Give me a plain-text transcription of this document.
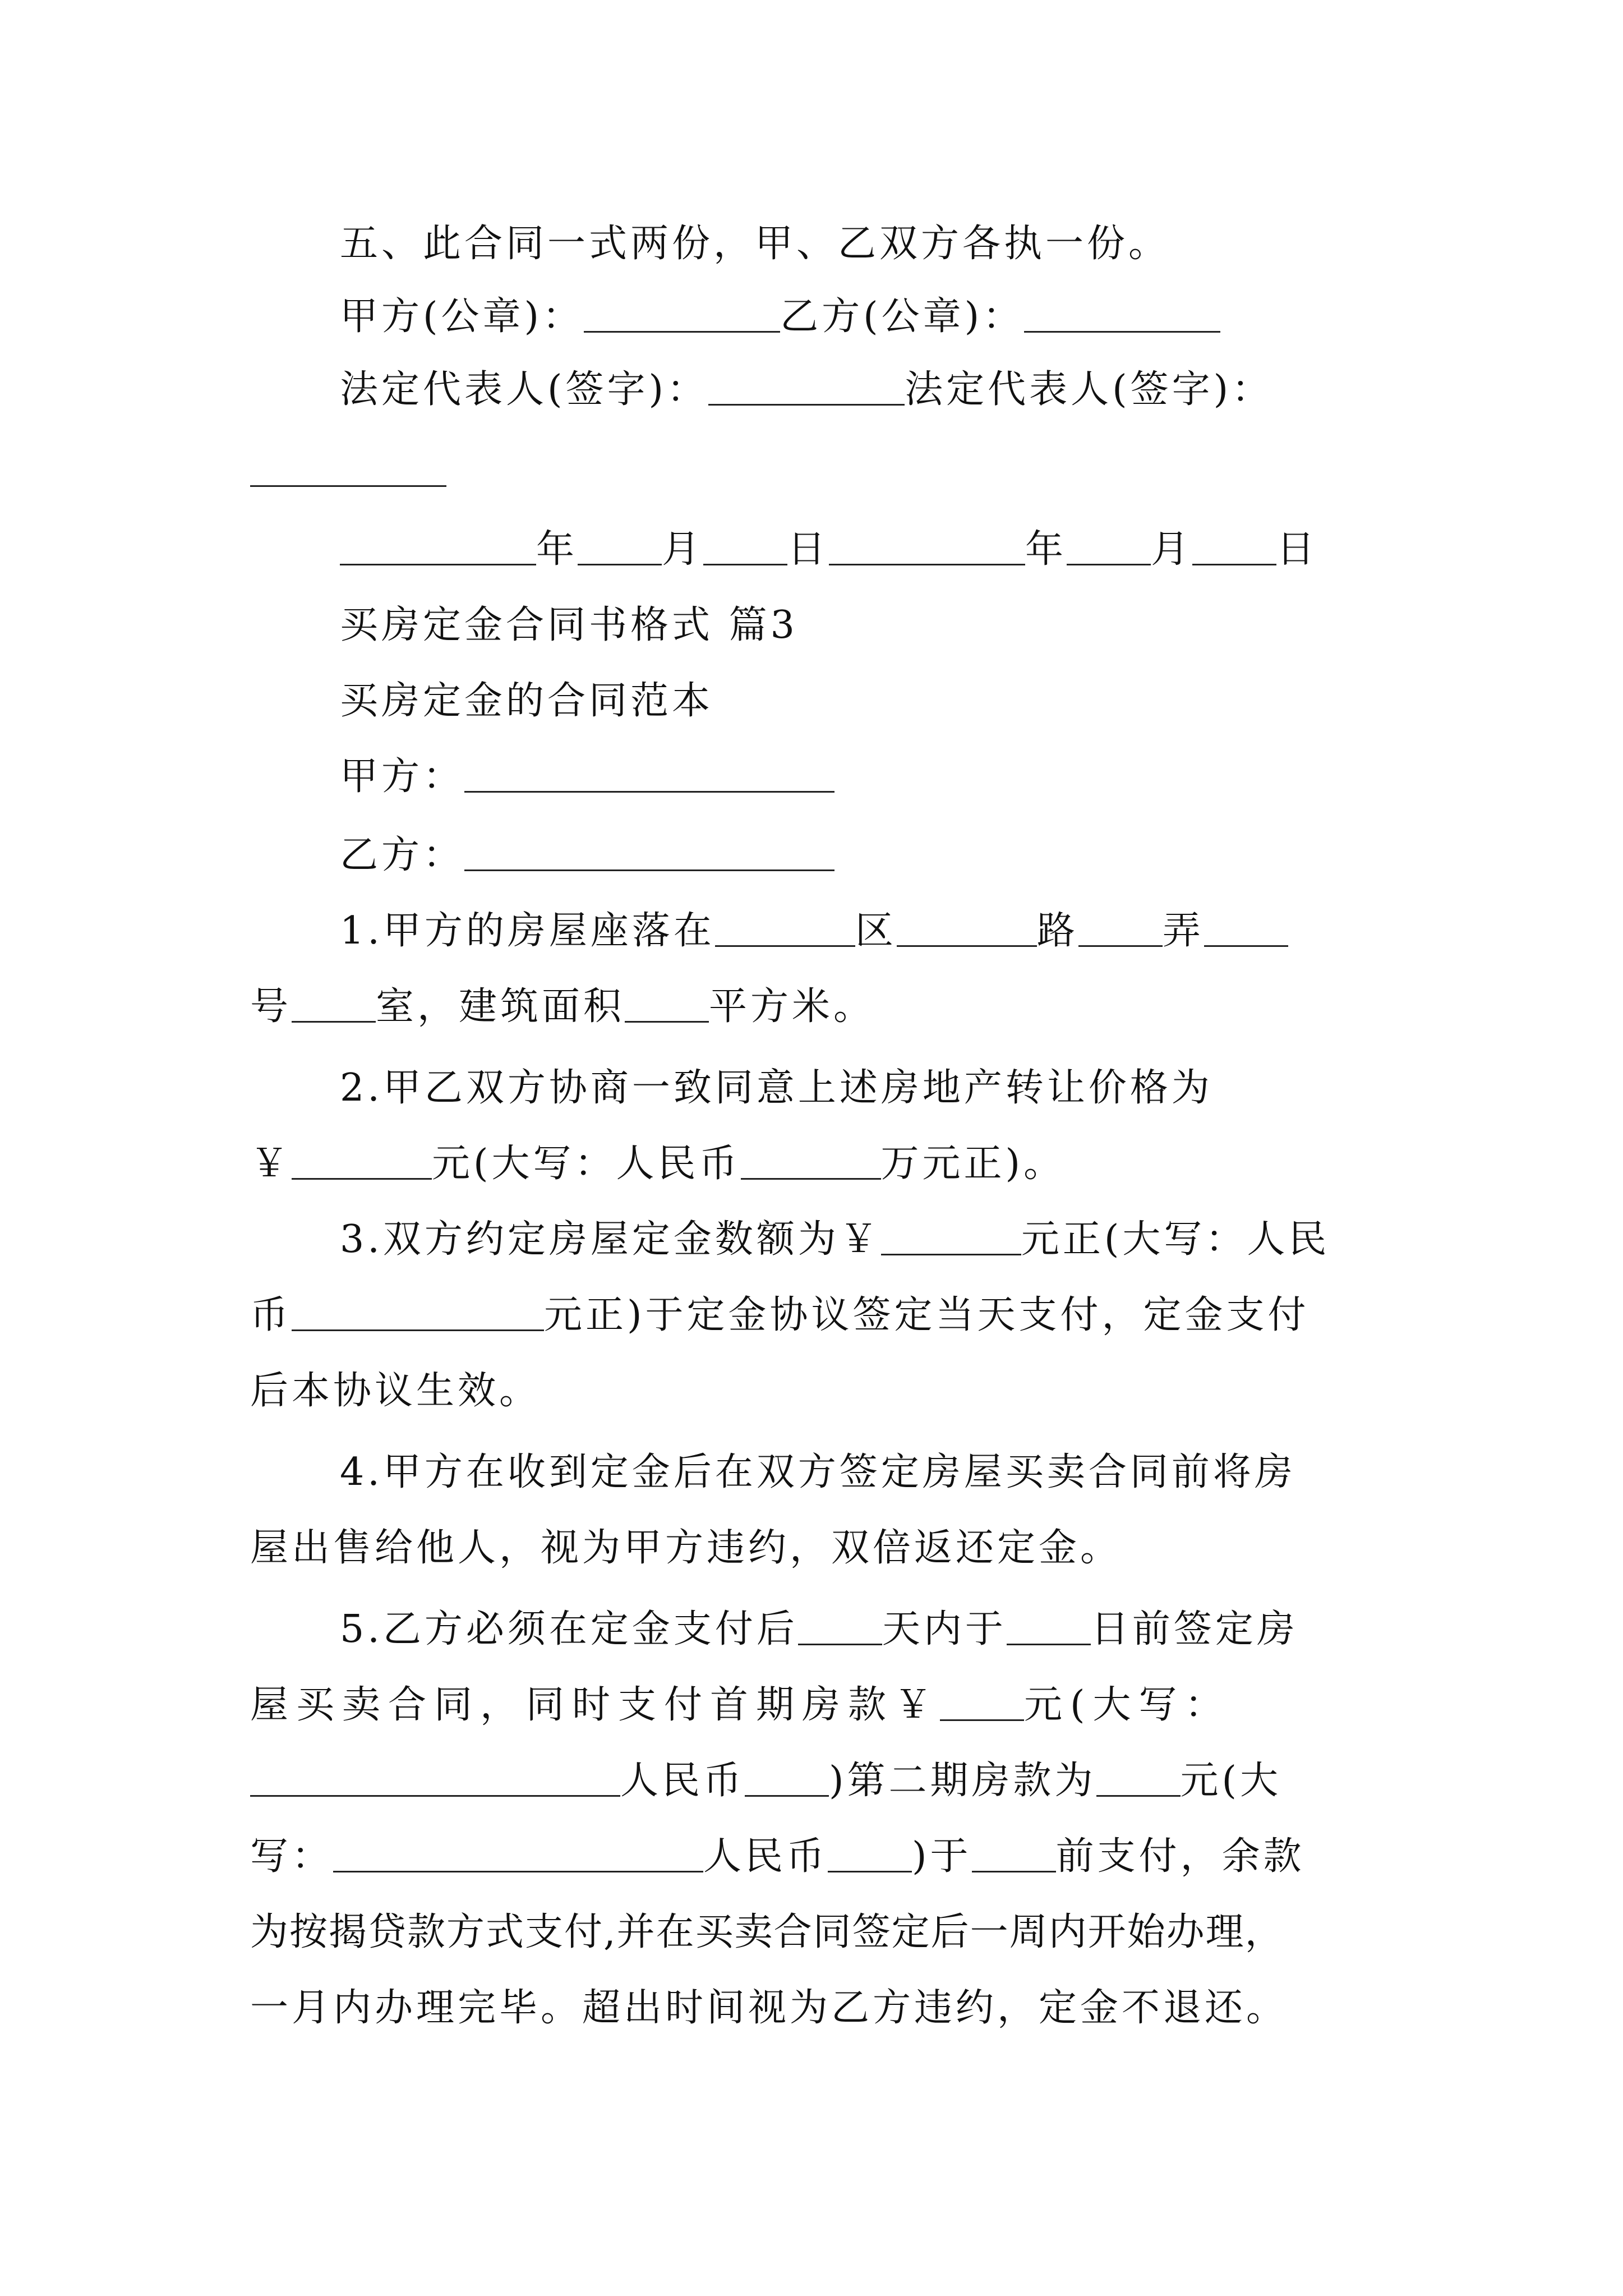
五、此合同一式两份，甲、乙双方各执一份。
甲方(公章)：	乙方(公章)：
法定代表人(签字)：	法定代表人(签字)：
年 月 日	年 月 日
买房定金合同书格式 篇3
买房定金的合同范本
甲方：
乙方：
1.甲方的房屋座落在	区	路 弄
号 室，建筑面积 平方米。
2.甲乙双方协商一致同意上述房地产转让价格为
￥	元(大写：人民币	万元正)。
3.双方约定房屋定金数额为￥	元正(大写：人民
币	元正)于定金协议签定当天支付，定金支付
后本协议生效。
4.甲方在收到定金后在双方签定房屋买卖合同前将房
屋出售给他人，视为甲方违约，双倍返还定金。
5.乙方必须在定金支付后 天内于 日前签定房
屋买卖合同，同时支付首期房款￥ 元(大写：
人民币 )第二期房款为 元(大
写：	人民币 )于 前支付，余款
为按揭贷款方式支付,并在买卖合同签定后一周内开始办理，
一月内办理完毕。超出时间视为乙方违约，定金不退还。
